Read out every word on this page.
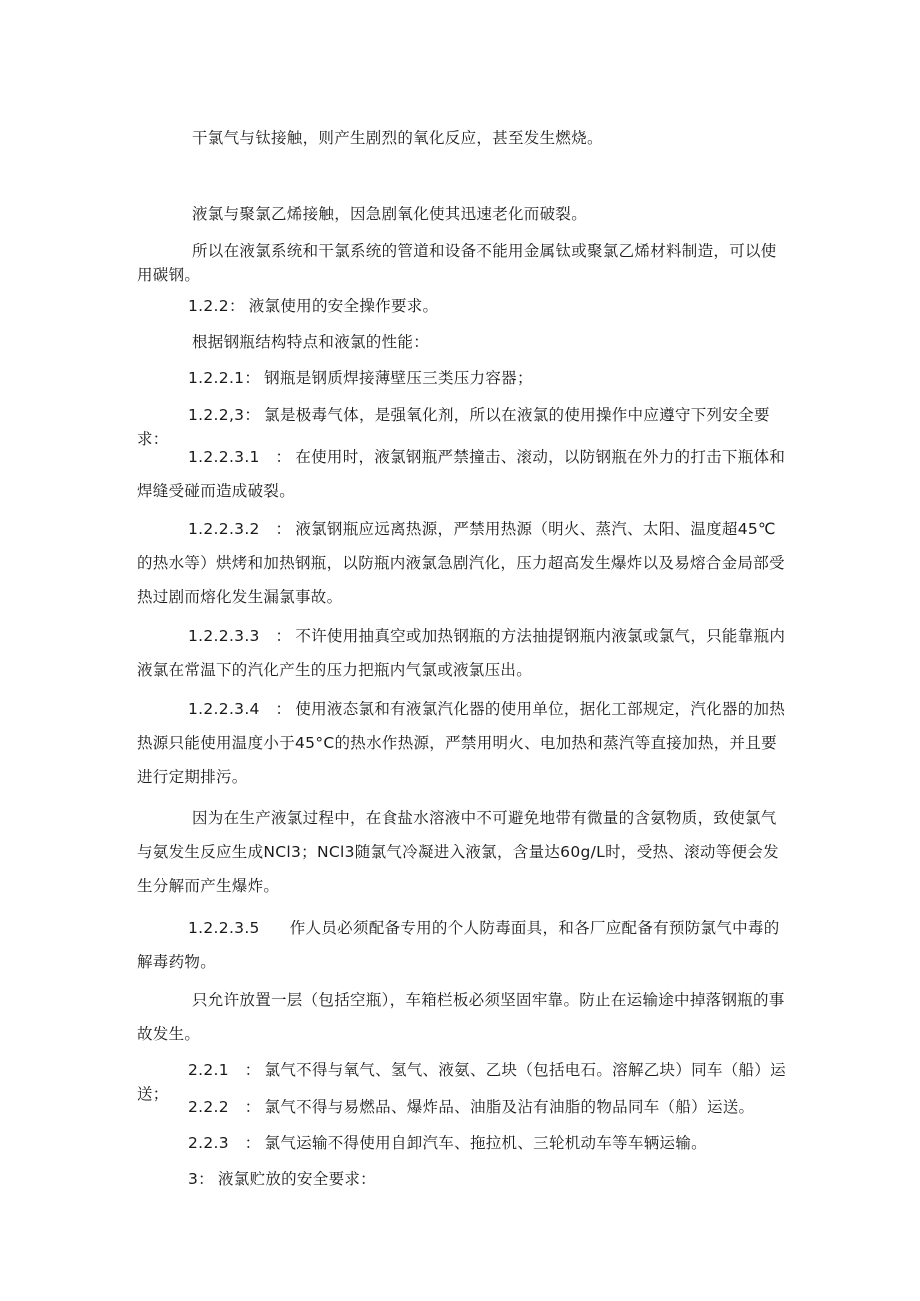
干氯气与钛接触，则产生剧烈的氧化反应，甚至发生燃烧。

液氯与聚氯乙烯接触，因急剧氧化使其迅速老化而破裂。

所以在液氯系统和干氯系统的管道和设备不能用金属钛或聚氯乙烯材料制造，可以使用碳钢。

1.2.2： 液氯使用的安全操作要求。

根据钢瓶结构特点和液氯的性能：

1.2.2.1： 钢瓶是钢质焊接薄壁压三类压力容器；

1.2.2,3： 氯是极毒气体，是强氧化剂，所以在液氯的使用操作中应遵守下列安全要求：

1.2.2.3.1　： 在使用时，液氯钢瓶严禁撞击、滚动，以防钢瓶在外力的打击下瓶体和焊缝受碰而造成破裂。

1.2.2.3.2　： 液氯钢瓶应远离热源，严禁用热源（明火、蒸汽、太阳、温度超45℃的热水等）烘烤和加热钢瓶，以防瓶内液氯急剧汽化，压力超高发生爆炸以及易熔合金局部受热过剧而熔化发生漏氯事故。

1.2.2.3.3　： 不许使用抽真空或加热钢瓶的方法抽提钢瓶内液氯或氯气，只能靠瓶内液氯在常温下的汽化产生的压力把瓶内气氯或液氯压出。

1.2.2.3.4　： 使用液态氯和有液氯汽化器的使用单位，据化工部规定，汽化器的加热热源只能使用温度小于45°C的热水作热源，严禁用明火、电加热和蒸汽等直接加热，并且要进行定期排污。

因为在生产液氯过程中，在食盐水溶液中不可避免地带有微量的含氨物质，致使氯气与氨发生反应生成NCl3；NCl3随氯气冷凝进入液氯，含量达60g/L时，受热、滚动等便会发生分解而产生爆炸。

1.2.2.3.5 作人员必须配备专用的个人防毒面具，和各厂应配备有预防氯气中毒的解毒药物。

只允许放置一层（包括空瓶），车箱栏板必须坚固牢靠。防止在运输途中掉落钢瓶的事故发生。

2.2.1　： 氯气不得与氧气、氢气、液氨、乙块（包括电石。溶解乙块）同车（船）运送；

2.2.2　： 氯气不得与易燃品、爆炸品、油脂及沾有油脂的物品同车（船）运送。

2.2.3　： 氯气运输不得使用自卸汽车、拖拉机、三轮机动车等车辆运输。

3： 液氯贮放的安全要求：
